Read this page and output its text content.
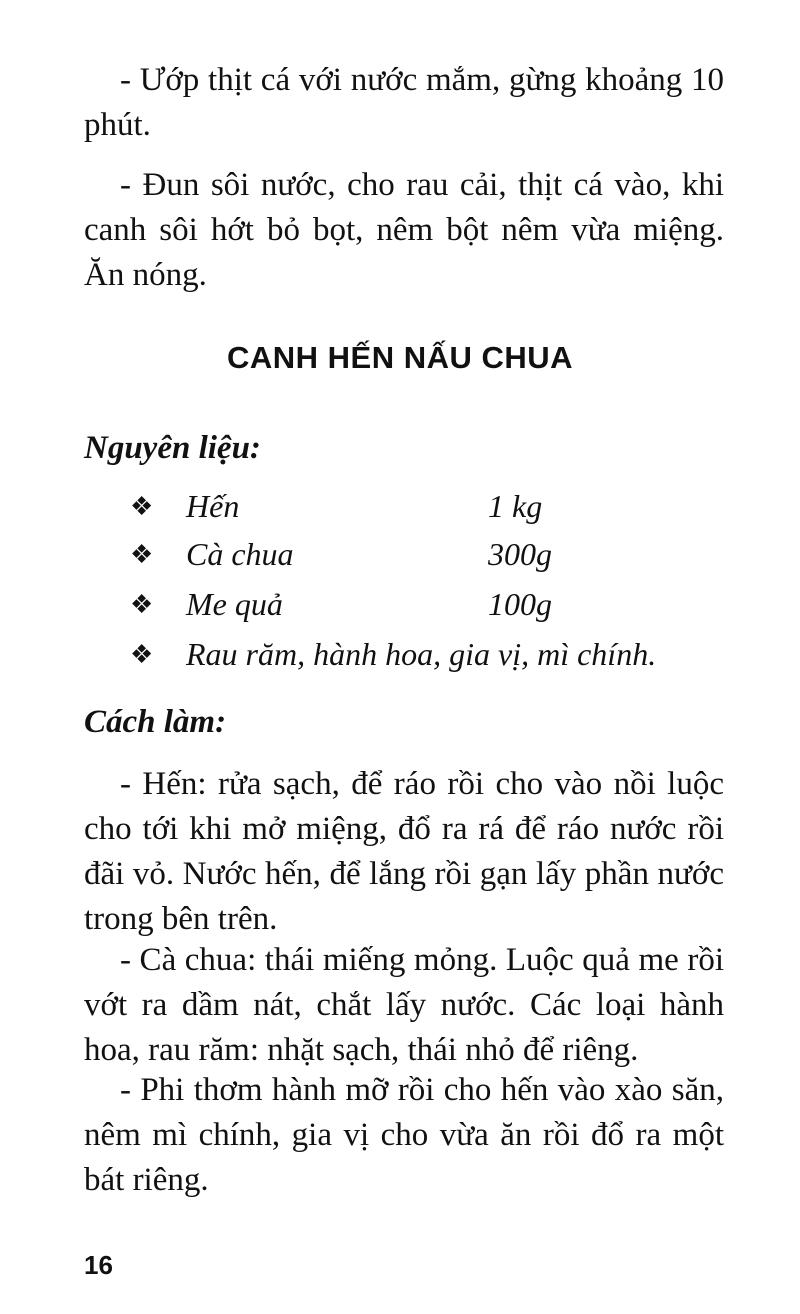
- Ướp thịt cá với nước mắm, gừng khoảng 10 phút.

- Đun sôi nước, cho rau cải, thịt cá vào, khi canh sôi hớt bỏ bọt, nêm bột nêm vừa miệng. Ăn nóng.

CANH HẾN NẤU CHUA

Nguyên liệu:

❖ Hến	1 kg
❖ Cà chua	300g
❖ Me quả	100g
❖ Rau răm, hành hoa, gia vị, mì chính.

Cách làm:

- Hến: rửa sạch, để ráo rồi cho vào nồi luộc cho tới khi mở miệng, đổ ra rá để ráo nước rồi đãi vỏ. Nước hến, để lắng rồi gạn lấy phần nước trong bên trên.

- Cà chua: thái miếng mỏng. Luộc quả me rồi vớt ra dầm nát, chắt lấy nước. Các loại hành hoa, rau răm: nhặt sạch, thái nhỏ để riêng.

- Phi thơm hành mỡ rồi cho hến vào xào săn, nêm mì chính, gia vị cho vừa ăn rồi đổ ra một bát riêng.

16
